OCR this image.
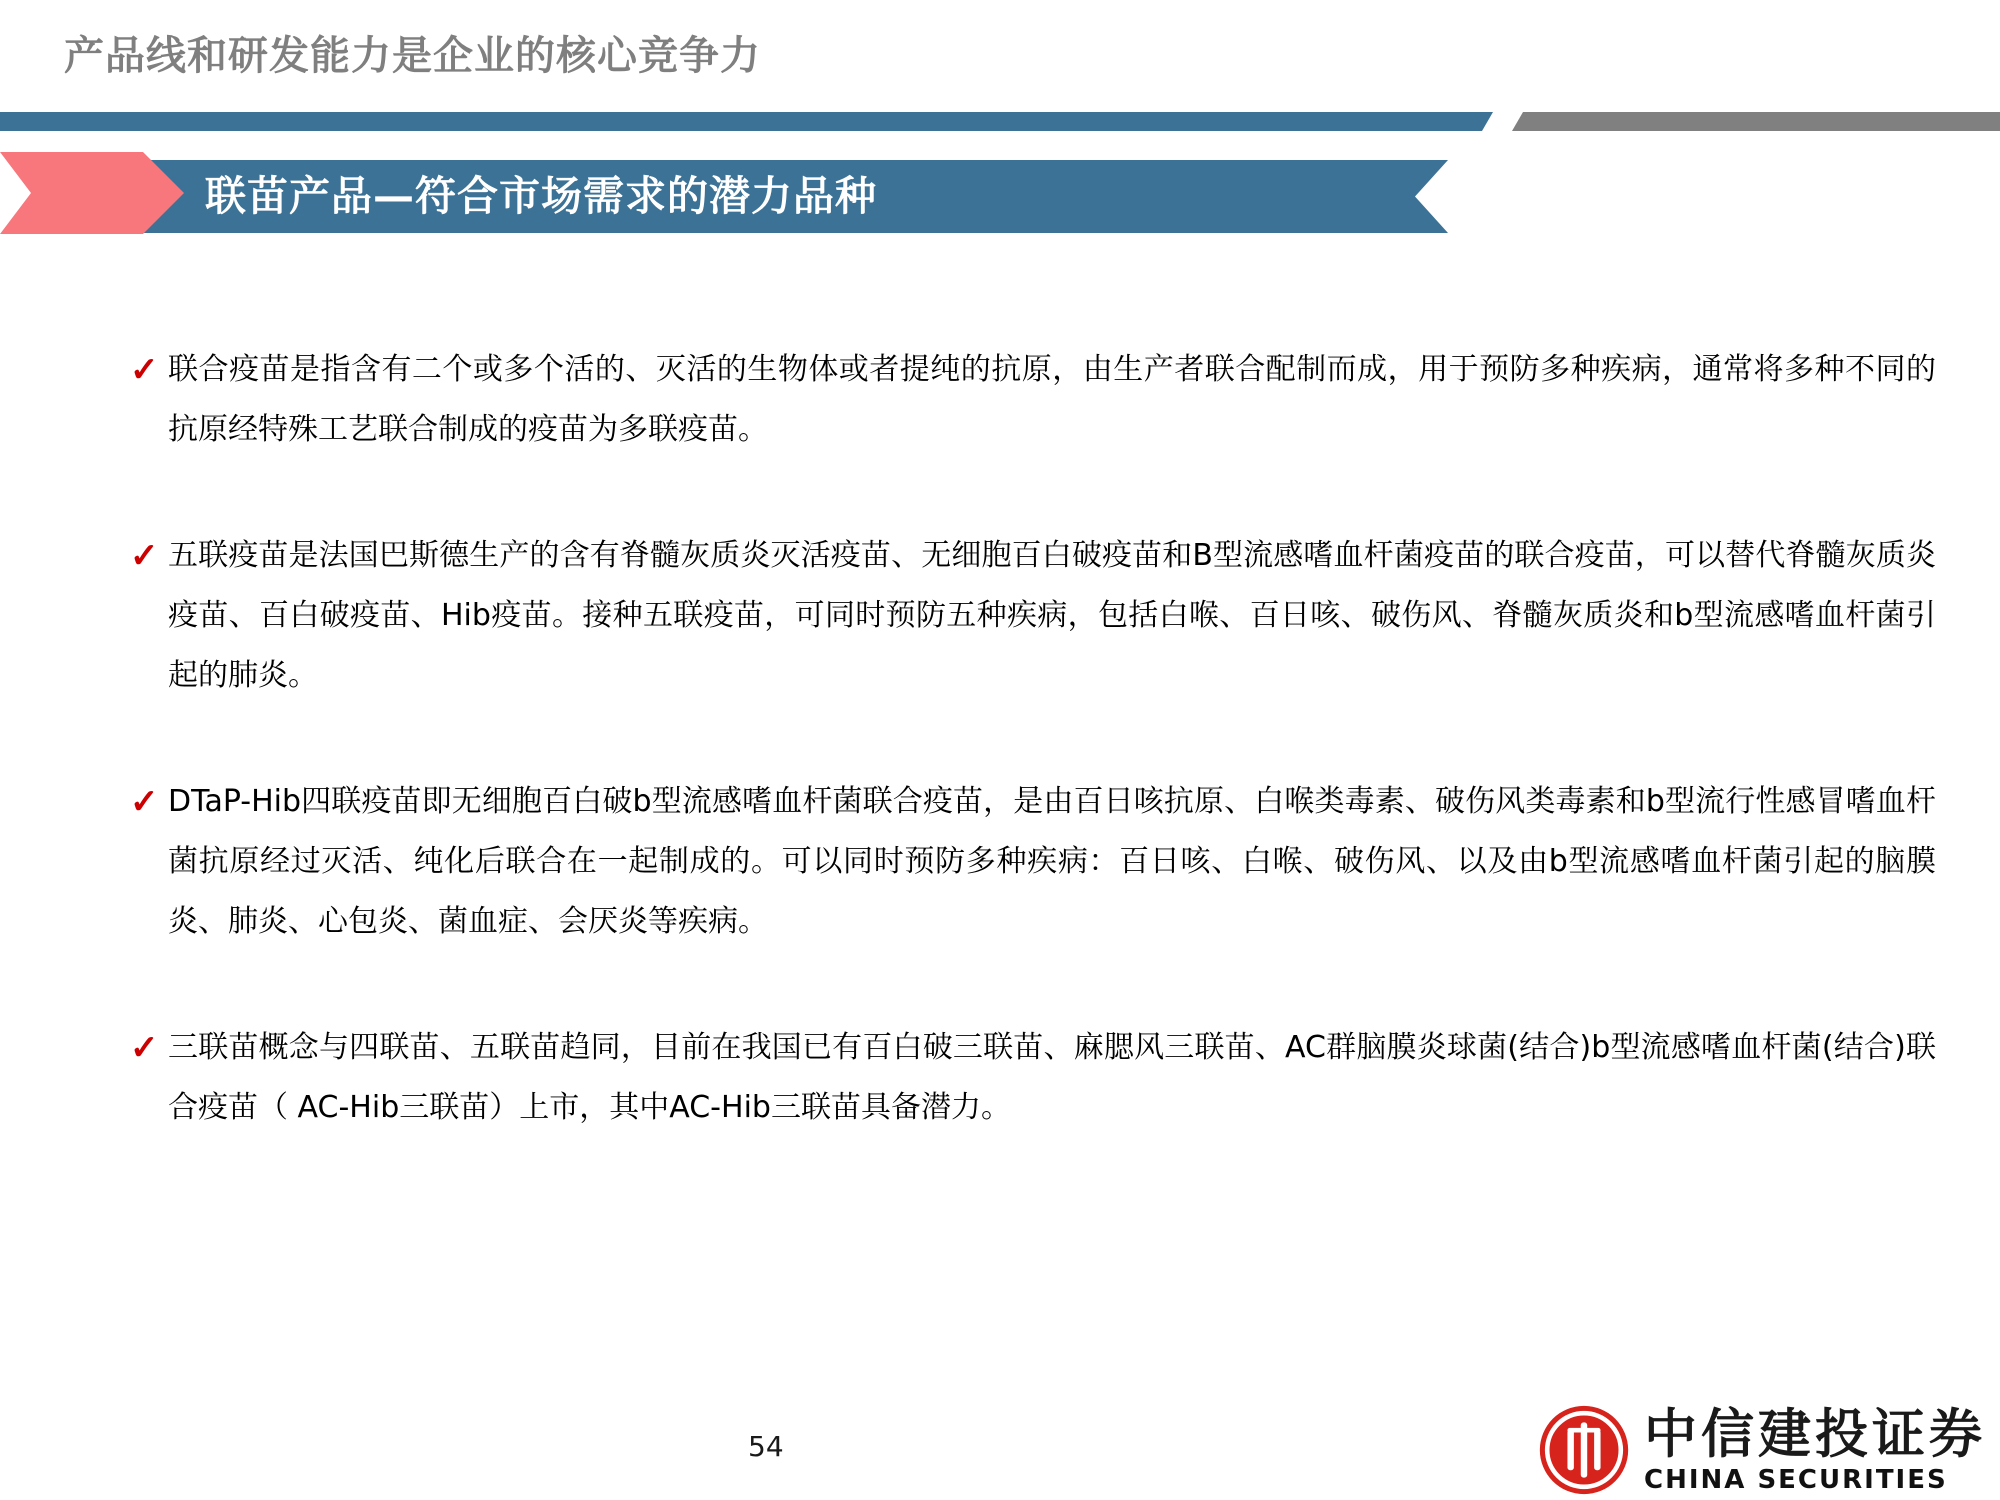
产品线和研发能力是企业的核心竞争力
联苗产品—符合市场需求的潜力品种
✓ 联合疫苗是指含有二个或多个活的、灭活的生物体或者提纯的抗原，由生产者联合配制而成，用于预防多种疾病，通常将多种不同的抗原经特殊工艺联合制成的疫苗为多联疫苗。
✓ 五联疫苗是法国巴斯德生产的含有脊髓灰质炎灭活疫苗、无细胞百白破疫苗和B型流感嗜血杆菌疫苗的联合疫苗，可以替代脊髓灰质炎疫苗、百白破疫苗、Hib疫苗。接种五联疫苗，可同时预防五种疾病，包括白喉、百日咳、破伤风、脊髓灰质炎和b型流感嗜血杆菌引起的肺炎。
✓ DTaP-Hib四联疫苗即无细胞百白破b型流感嗜血杆菌联合疫苗，是由百日咳抗原、白喉类毒素、破伤风类毒素和b型流行性感冒嗜血杆菌抗原经过灭活、纯化后联合在一起制成的。可以同时预防多种疾病：百日咳、白喉、破伤风、以及由b型流感嗜血杆菌引起的脑膜炎、肺炎、心包炎、菌血症、会厌炎等疾病。
✓ 三联苗概念与四联苗、五联苗趋同，目前在我国已有百白破三联苗、麻腮风三联苗、AC群脑膜炎球菌(结合)b型流感嗜血杆菌(结合)联合疫苗（ AC-Hib三联苗）上市，其中AC-Hib三联苗具备潜力。
54	中信建投证券
CHINA SECURITIES
